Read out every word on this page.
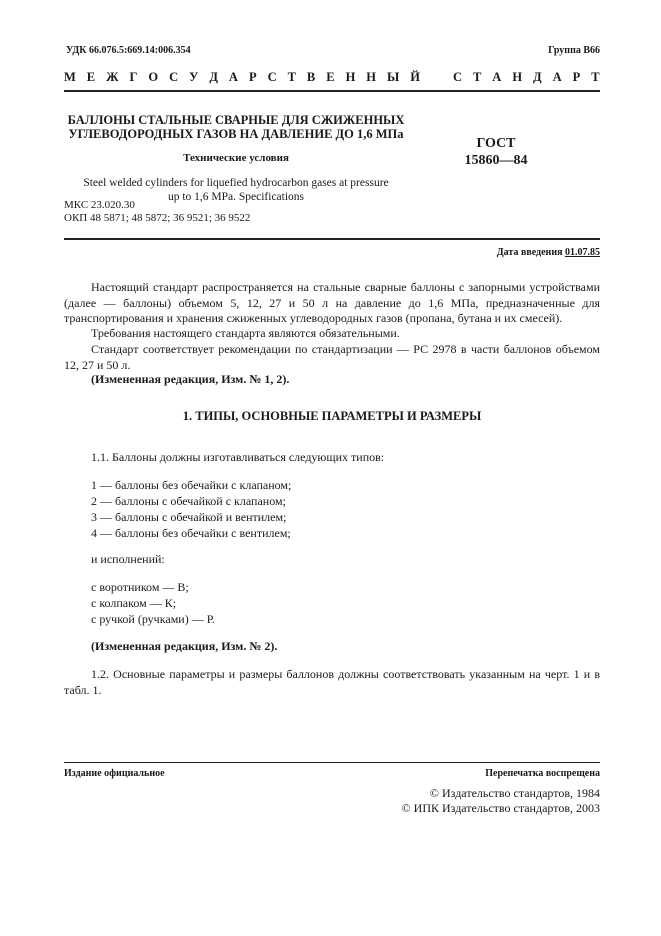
УДК 66.076.5:669.14:006.354	Группа В66
М Е Ж Г О С У Д А Р С Т В Е Н Н Ы Й	С Т А Н Д А Р Т
БАЛЛОНЫ СТАЛЬНЫЕ СВАРНЫЕ ДЛЯ СЖИЖЕННЫХ
УГЛЕВОДОРОДНЫХ ГАЗОВ НА ДАВЛЕНИЕ ДО 1,6 МПа
Технические условия
Steel welded cylinders for liquefied hydrocarbon gases at pressure
up to 1,6 MPa. Specifications
МКС 23.020.30
ОКП 48 5871; 48 5872; 36 9521; 36 9522
ГОСТ
15860—84
Дата введения 01.07.85
Настоящий стандарт распространяется на стальные сварные баллоны с запорными устройствами (далее — баллоны) объемом 5, 12, 27 и 50 л на давление до 1,6 МПа, предназначенные для транспортирования и хранения сжиженных углеводородных газов (пропана, бутана и их смесей).
Требования настоящего стандарта являются обязательными.
Стандарт соответствует рекомендации по стандартизации — РС 2978 в части баллонов объемом 12, 27 и 50 л.
(Измененная редакция, Изм. № 1, 2).
1. ТИПЫ, ОСНОВНЫЕ ПАРАМЕТРЫ И РАЗМЕРЫ
1.1. Баллоны должны изготавливаться следующих типов:
1 — баллоны без обечайки с клапаном;
2 — баллоны с обечайкой с клапаном;
3 — баллоны с обечайкой и вентилем;
4 — баллоны без обечайки с вентилем;
и исполнений:
с воротником — В;
с колпаком — К;
с ручкой (ручками) — Р.
(Измененная редакция, Изм. № 2).
1.2. Основные параметры и размеры баллонов должны соответствовать указанным на черт. 1 и в табл. 1.
Издание официальное	Перепечатка воспрещена
© Издательство стандартов, 1984
© ИПК Издательство стандартов, 2003
